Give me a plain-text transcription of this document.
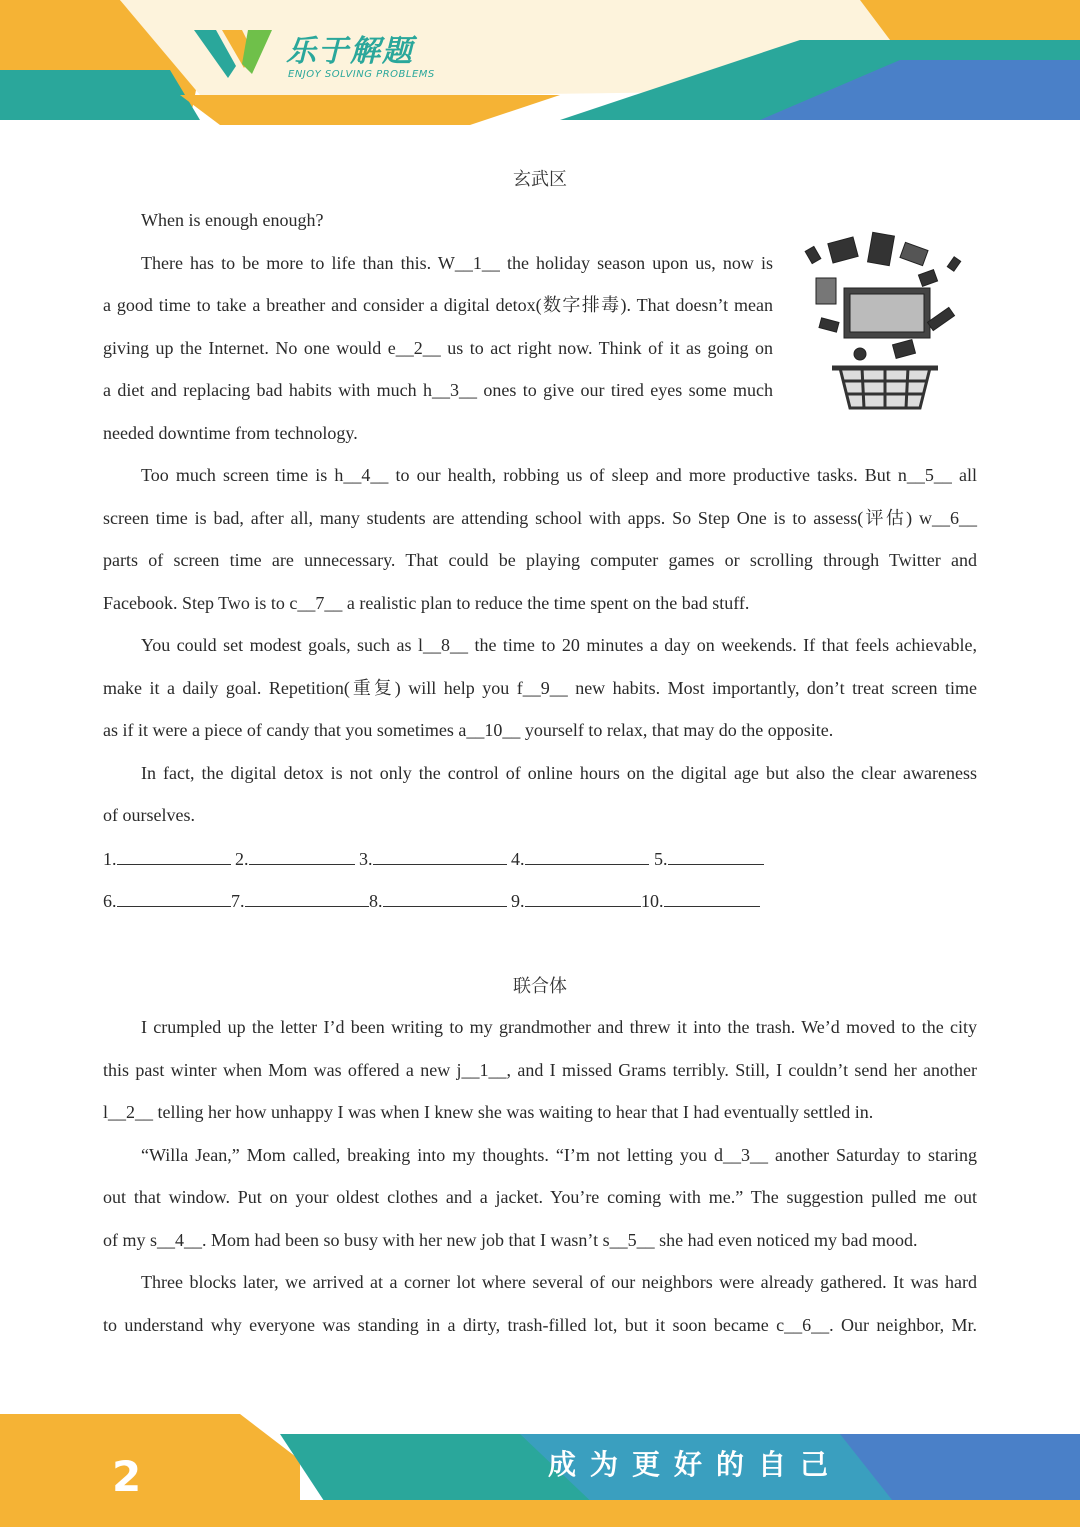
乐于解题
ENJOY SOLVING PROBLEMS
玄武区
When is enough enough?
There has to be more to life than this. W__1__ the holiday season upon us, now is
a good time to take a breather and consider a digital detox(数字排毒). That doesn’t mean
giving up the Internet. No one would e__2__ us to act right now. Think of it as going on
a diet and replacing bad habits with much h__3__ ones to give our tired eyes some much
needed downtime from technology.
Too much screen time is h__4__ to our health, robbing us of sleep and more productive tasks. But n__5__ all
screen time is bad, after all, many students are attending school with apps. So Step One is to assess(评估) w__6__
parts of screen time are unnecessary. That could be playing computer games or scrolling through Twitter and
Facebook. Step Two is to c__7__ a realistic plan to reduce the time spent on the bad stuff.
You could set modest goals, such as l__8__ the time to 20 minutes a day on weekends. If that feels achievable,
make it a daily goal. Repetition(重复) will help you f__9__ new habits. Most importantly, don’t treat screen time
as if it were a piece of candy that you sometimes a__10__ yourself to relax, that may do the opposite.
In fact, the digital detox is not only the control of online hours on the digital age but also the clear awareness
of ourselves.
1.	2.	3.	4.	5.
6.	7.	8.	9.	10.
联合体
I crumpled up the letter I’d been writing to my grandmother and threw it into the trash. We’d moved to the city
this past winter when Mom was offered a new j__1__, and I missed Grams terribly. Still, I couldn’t send her another
l__2__ telling her how unhappy I was when I knew she was waiting to hear that I had eventually settled in.
“Willa Jean,” Mom called, breaking into my thoughts. “I’m not letting you d__3__ another Saturday to staring
out that window. Put on your oldest clothes and a jacket. You’re coming with me.” The suggestion pulled me out
of my s__4__. Mom had been so busy with her new job that I wasn’t s__5__ she had even noticed my bad mood.
Three blocks later, we arrived at a corner lot where several of our neighbors were already gathered. It was hard
to understand why everyone was standing in a dirty, trash-filled lot, but it soon became c__6__. Our neighbor, Mr.
2	成为更好的自己
